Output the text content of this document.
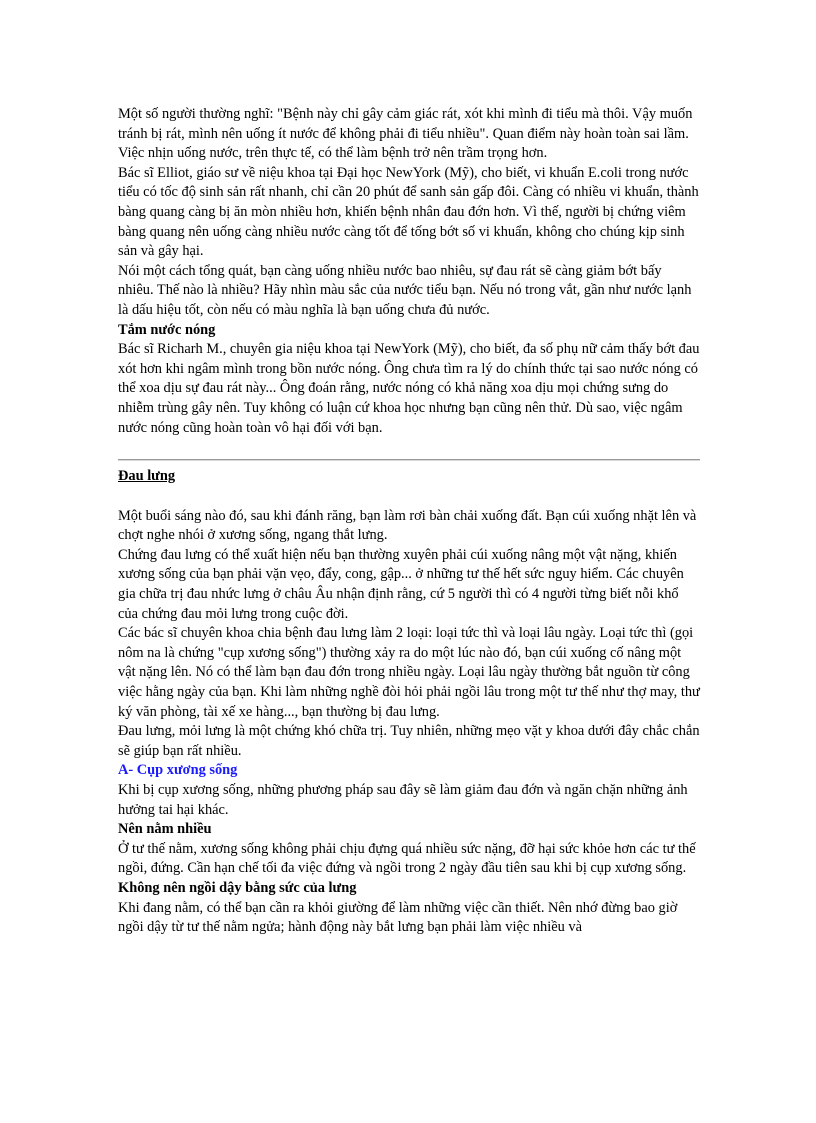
Một số người thường nghĩ: "Bệnh này chỉ gây cảm giác rát, xót khi mình đi tiểu mà thôi. Vậy muốn tránh bị rát, mình nên uống ít nước để không phải đi tiểu nhiều". Quan điểm này hoàn toàn sai lầm. Việc nhịn uống nước, trên thực tế, có thể làm bệnh trở nên trầm trọng hơn.

Bác sĩ Elliot, giáo sư về niệu khoa tại Đại học NewYork (Mỹ), cho biết, vi khuẩn E.coli trong nước tiểu có tốc độ sinh sản rất nhanh, chỉ cần 20 phút để sanh sản gấp đôi. Càng có nhiều vi khuẩn, thành bàng quang càng bị ăn mòn nhiều hơn, khiến bệnh nhân đau đớn hơn. Vì thế, người bị chứng viêm bàng quang nên uống càng nhiều nước càng tốt để tống bớt số vi khuẩn, không cho chúng kịp sinh sản và gây hại.

Nói một cách tổng quát, bạn càng uống nhiều nước bao nhiêu, sự đau rát sẽ càng giảm bớt bấy nhiêu. Thế nào là nhiều? Hãy nhìn màu sắc của nước tiểu bạn. Nếu nó trong vắt, gần như nước lạnh là dấu hiệu tốt, còn nếu có màu nghĩa là bạn uống chưa đủ nước.

Tắm nước nóng

Bác sĩ Richarh M., chuyên gia niệu khoa tại NewYork (Mỹ), cho biết, đa số phụ nữ cảm thấy bớt đau xót hơn khi ngâm mình trong bồn nước nóng. Ông chưa tìm ra lý do chính thức tại sao nước nóng có thể xoa dịu sự đau rát này... Ông đoán rằng, nước nóng có khả năng xoa dịu mọi chứng sưng do nhiễm trùng gây nên. Tuy không có luận cứ khoa học nhưng bạn cũng nên thử. Dù sao, việc ngâm nước nóng cũng hoàn toàn vô hại đối với bạn.

Đau lưng

Một buổi sáng nào đó, sau khi đánh răng, bạn làm rơi bàn chải xuống đất. Bạn cúi xuống nhặt lên và chợt nghe nhói ở xương sống, ngang thắt lưng.

Chứng đau lưng có thể xuất hiện nếu bạn thường xuyên phải cúi xuống nâng một vật nặng, khiến xương sống của bạn phải vặn vẹo, đẩy, cong, gập... ở những tư thế hết sức nguy hiểm. Các chuyên gia chữa trị đau nhức lưng ở châu Âu nhận định rằng, cứ 5 người thì có 4 người từng biết nỗi khổ của chứng đau mỏi lưng trong cuộc đời.

Các bác sĩ chuyên khoa chia bệnh đau lưng làm 2 loại: loại tức thì và loại lâu ngày. Loại tức thì (gọi nôm na là chứng "cụp xương sống") thường xảy ra do một lúc nào đó, bạn cúi xuống cố nâng một vật nặng lên. Nó có thể làm bạn đau đớn trong nhiều ngày. Loại lâu ngày thường bắt nguồn từ công việc hằng ngày của bạn. Khi làm những nghề đòi hỏi phải ngồi lâu trong một tư thế như thợ may, thư ký văn phòng, tài xế xe hàng..., bạn thường bị đau lưng.

Đau lưng, mỏi lưng là một chứng khó chữa trị. Tuy nhiên, những mẹo vặt y khoa dưới đây chắc chắn sẽ giúp bạn rất nhiều.

A- Cụp xương sống

Khi bị cụp xương sống, những phương pháp sau đây sẽ làm giảm đau đớn và ngăn chặn những ảnh hưởng tai hại khác.

Nên nằm nhiều

Ở tư thế nằm, xương sống không phải chịu đựng quá nhiều sức nặng, đỡ hại sức khỏe hơn các tư thế ngồi, đứng. Cần hạn chế tối đa việc đứng và ngồi trong 2 ngày đầu tiên sau khi bị cụp xương sống.

Không nên ngồi dậy bằng sức của lưng

Khi đang nằm, có thể bạn cần ra khỏi giường để làm những việc cần thiết. Nên nhớ đừng bao giờ ngồi dậy từ tư thế nằm ngửa; hành động này bắt lưng bạn phải làm việc nhiều và
